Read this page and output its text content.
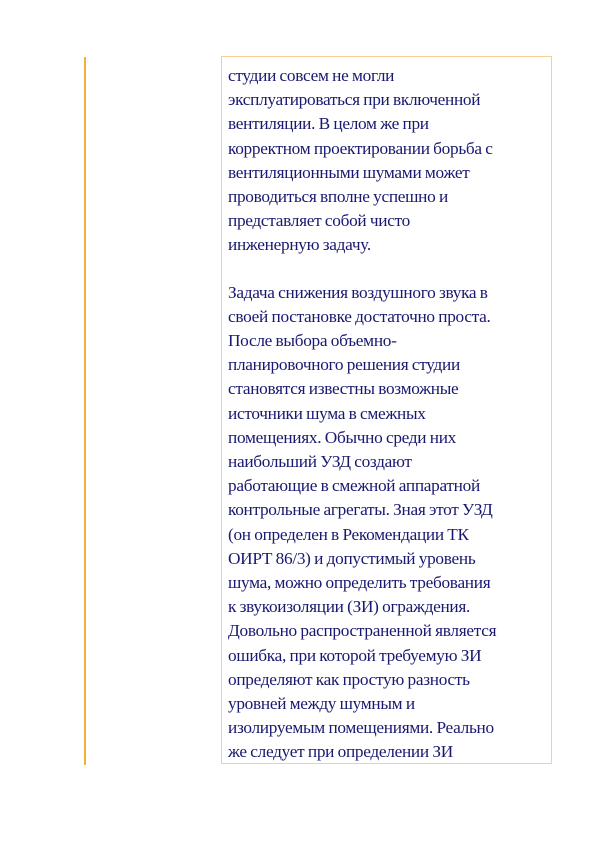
студии совсем не могли
эксплуатироваться при включенной
вентиляции. В целом же при
корректном проектировании борьба с
вентиляционными шумами может
проводиться вполне успешно и
представляет собой чисто
инженерную задачу.

Задача снижения воздушного звука в
своей постановке достаточно проста.
После выбора объемно-
планировочного решения студии
становятся известны возможные
источники шума в смежных
помещениях. Обычно среди них
наибольший УЗД создают
работающие в смежной аппаратной
контрольные агрегаты. Зная этот УЗД
(он определен в Рекомендации ТК
ОИРТ 86/3) и допустимый уровень
шума, можно определить требования
к звукоизоляции (ЗИ) ограждения.
Довольно распространенной является
ошибка, при которой требуемую ЗИ
определяют как простую разность
уровней между шумным и
изолируемым помещениями. Реально
же следует при определении ЗИ
